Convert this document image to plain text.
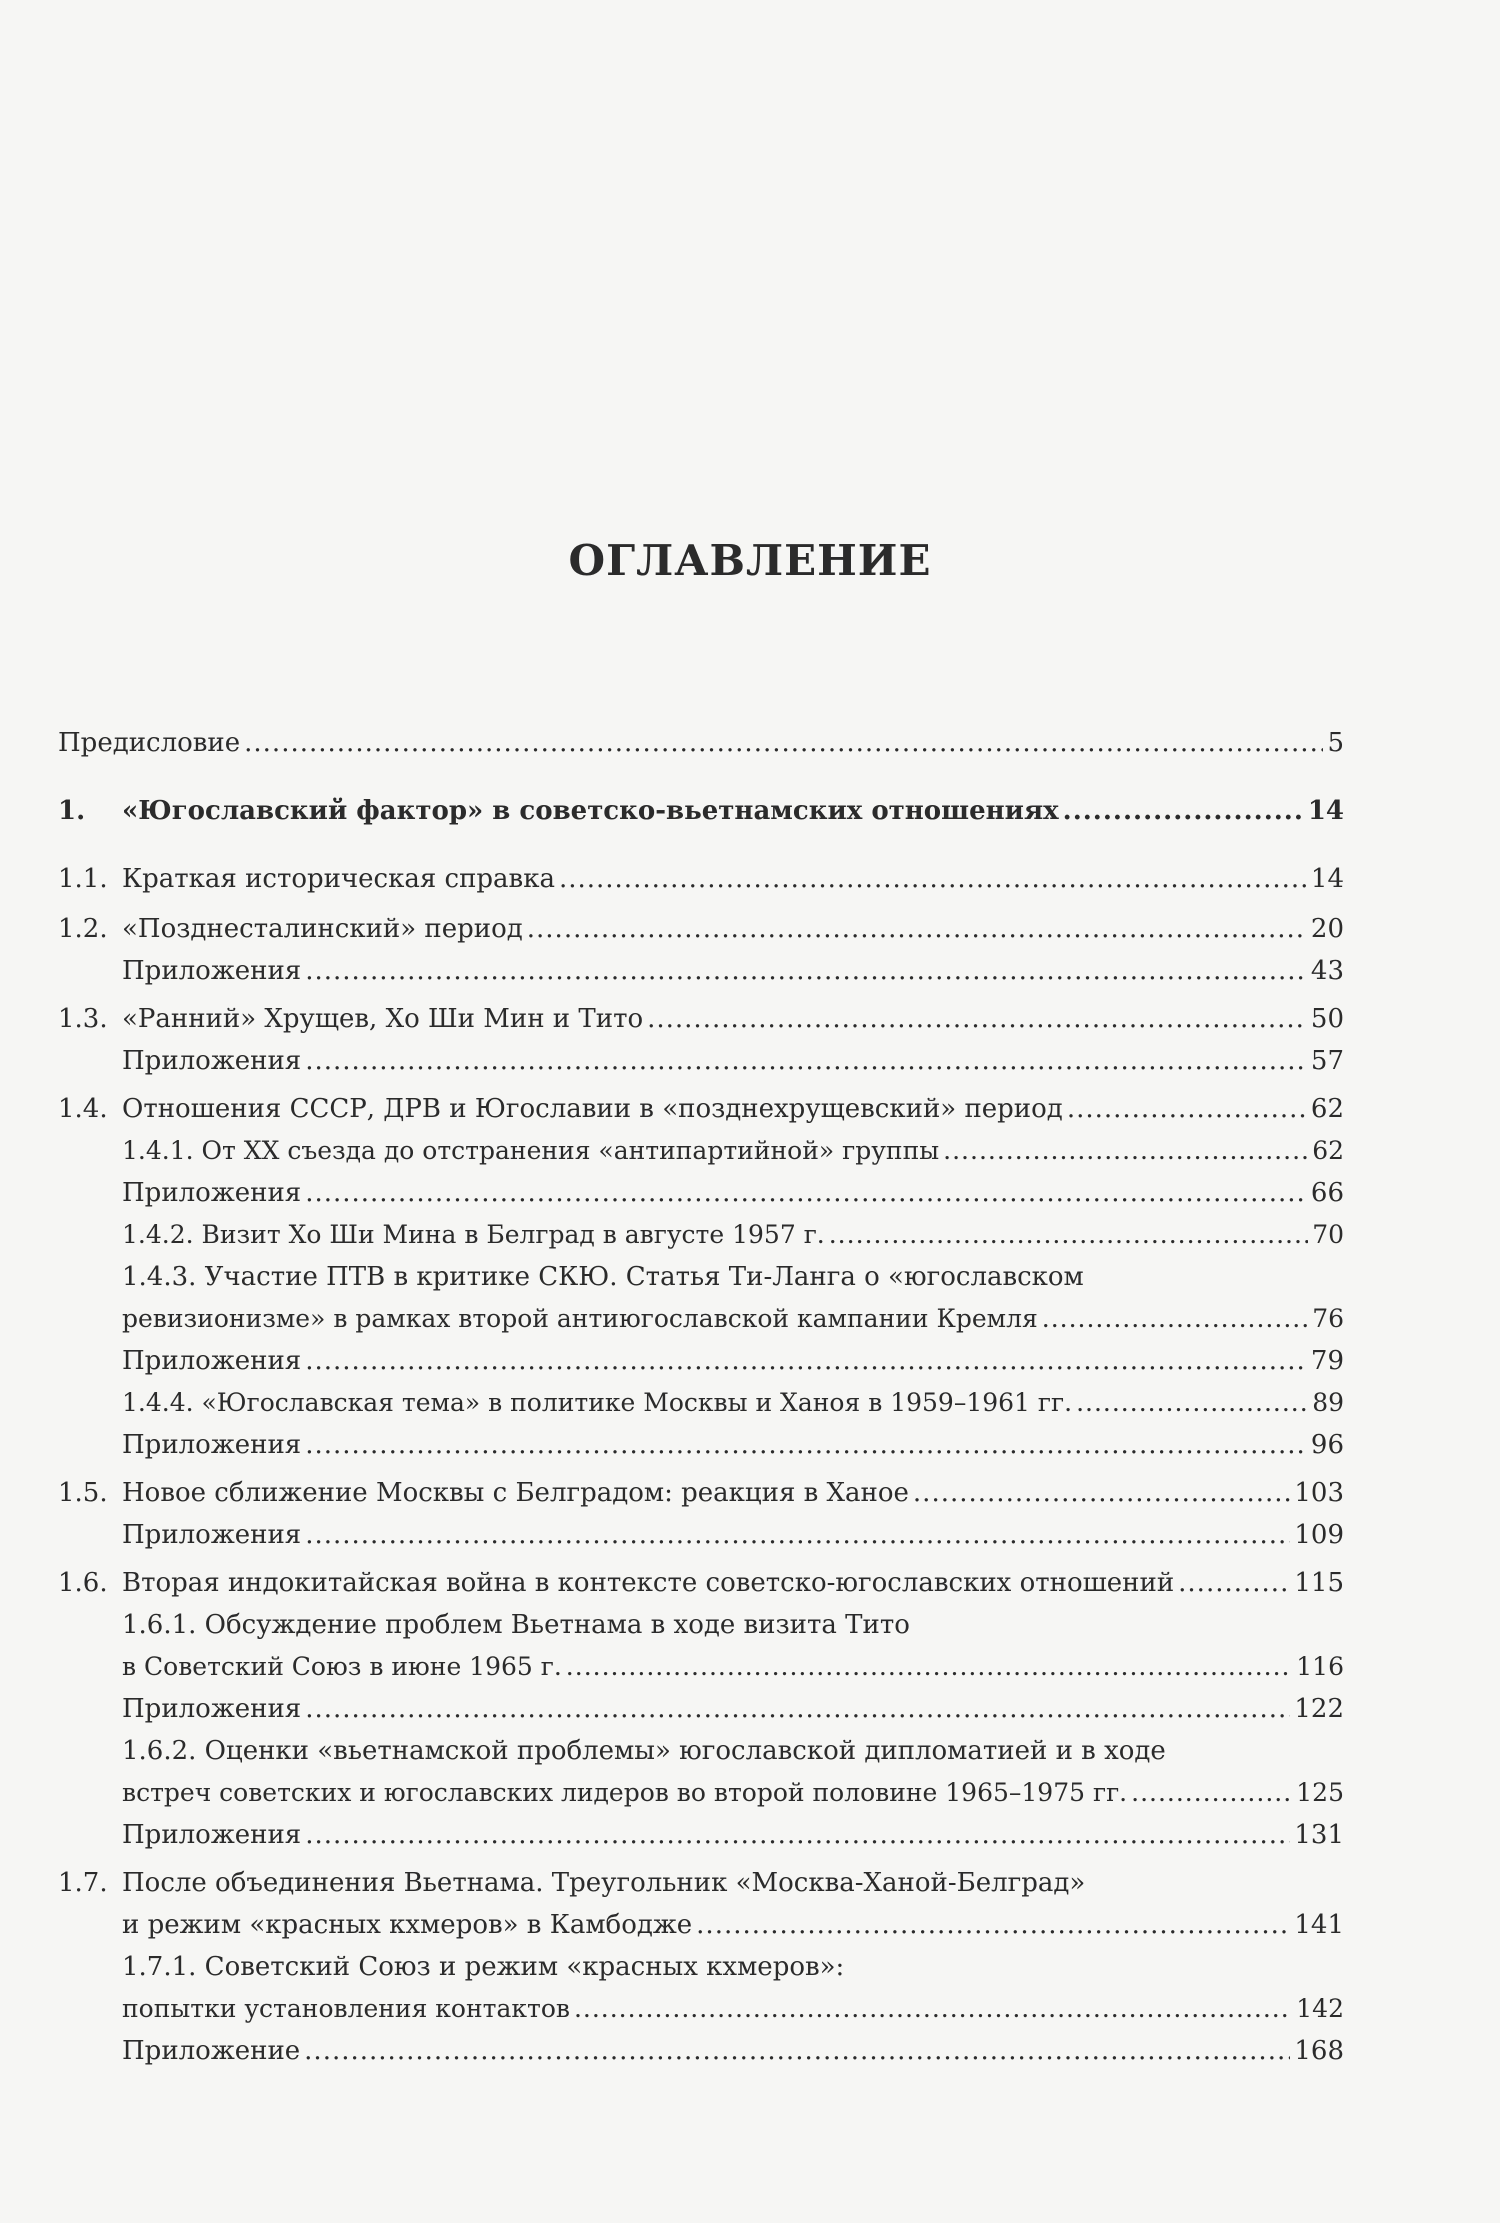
ОГЛАВЛЕНИЕ
Предисловие .....	5
1.	«Югославский фактор» в советско-вьетнамских отношениях .....	14
1.1. Краткая историческая справка .....	14
1.2. «Позднесталинский» период .....	20
Приложения .....	43
1.3. «Ранний» Хрущев, Хо Ши Мин и Тито .....	50
Приложения .....	57
1.4. Отношения СССР, ДРВ и Югославии в «позднехрущевский» период .....	62
1.4.1. От ХХ съезда до отстранения «антипартийной» группы .....	62
Приложения .....	66
1.4.2. Визит Хо Ши Мина в Белград в августе 1957 г. .....	70
1.4.3. Участие ПТВ в критике СКЮ. Статья Ти-Ланга о «югославском
ревизионизме» в рамках второй антиюгославской кампании Кремля .....	76
Приложения .....	79
1.4.4. «Югославская тема» в политике Москвы и Ханоя в 1959–1961 гг. .....	89
Приложения .....	96
1.5. Новое сближение Москвы с Белградом: реакция в Ханое .....	103
Приложения .....	109
1.6. Вторая индокитайская война в контексте советско-югославских отношений .....	115
1.6.1. Обсуждение проблем Вьетнама в ходе визита Тито
в Советский Союз в июне 1965 г. .....	116
Приложения .....	122
1.6.2. Оценки «вьетнамской проблемы» югославской дипломатией и в ходе
встреч советских и югославских лидеров во второй половине 1965–1975 гг. .....	125
Приложения .....	131
1.7. После объединения Вьетнама. Треугольник «Москва-Ханой-Белград»
и режим «красных кхмеров» в Камбодже .....	141
1.7.1. Советский Союз и режим «красных кхмеров»:
попытки установления контактов .....	142
Приложение .....	168
